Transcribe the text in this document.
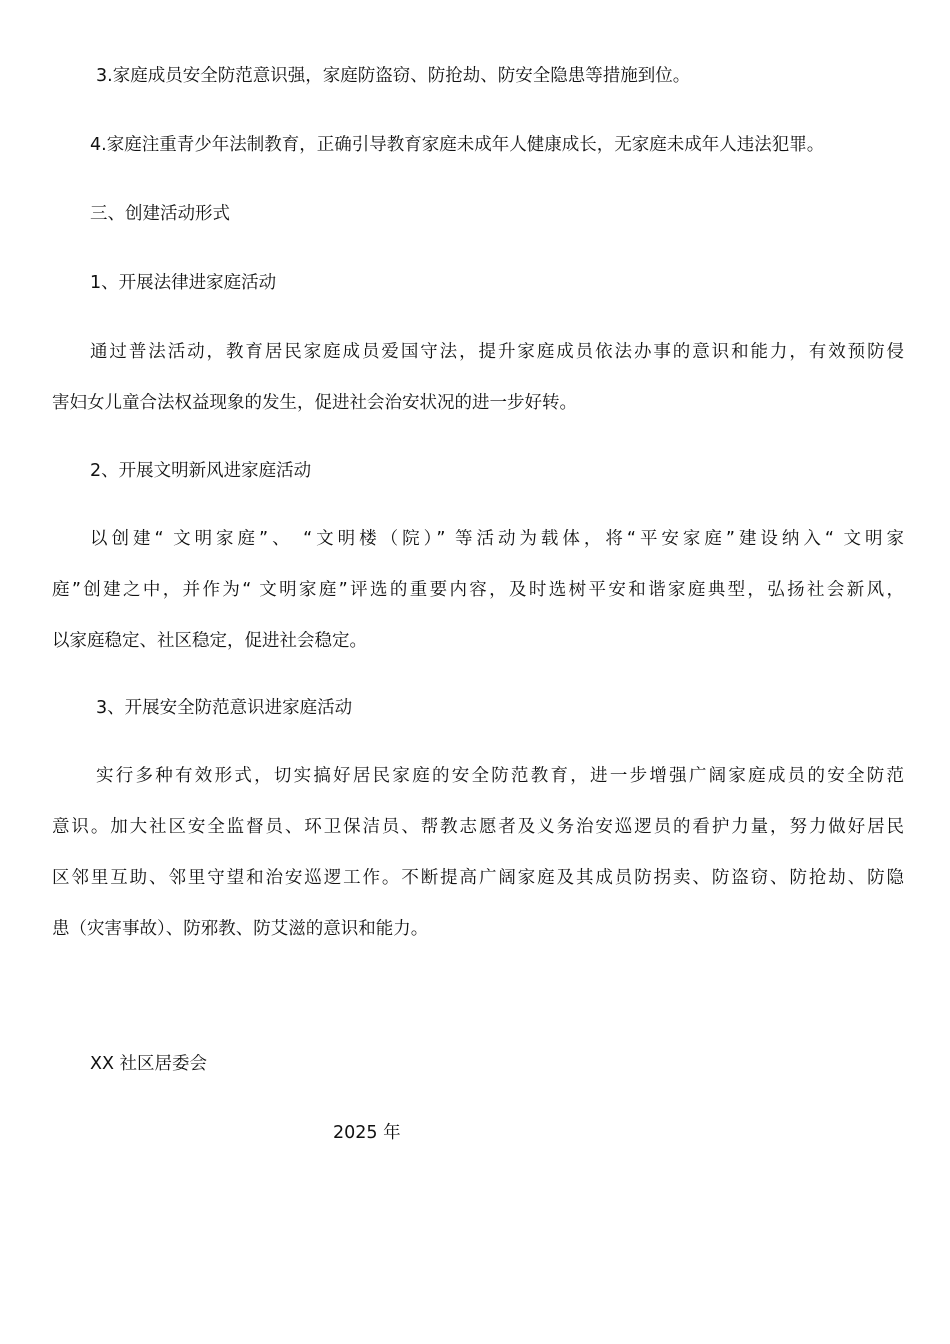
3.家庭成员安全防范意识强，家庭防盗窃、防抢劫、防安全隐患等措施到位。
4.家庭注重青少年法制教育，正确引导教育家庭未成年人健康成长，无家庭未成年人违法犯罪。
三、创建活动形式
1、开展法律进家庭活动
通过普法活动，教育居民家庭成员爱国守法，提升家庭成员依法办事的意识和能力，有效预防侵
害妇女儿童合法权益现象的发生，促进社会治安状况的进一步好转。
2、开展文明新风进家庭活动
以创建“ 文明家庭”、 “文明楼（院）” 等活动为载体，将“平安家庭”建设纳入“ 文明家
庭”创建之中，并作为“ 文明家庭”评选的重要内容，及时选树平安和谐家庭典型，弘扬社会新风，
以家庭稳定、社区稳定，促进社会稳定。
3、开展安全防范意识进家庭活动
实行多种有效形式，切实搞好居民家庭的安全防范教育，进一步增强广阔家庭成员的安全防范
意识。加大社区安全监督员、环卫保洁员、帮教志愿者及义务治安巡逻员的看护力量，努力做好居民
区邻里互助、邻里守望和治安巡逻工作。不断提高广阔家庭及其成员防拐卖、防盗窃、防抢劫、防隐
患（灾害事故）、防邪教、防艾滋的意识和能力。
XX 社区居委会
2025 年
